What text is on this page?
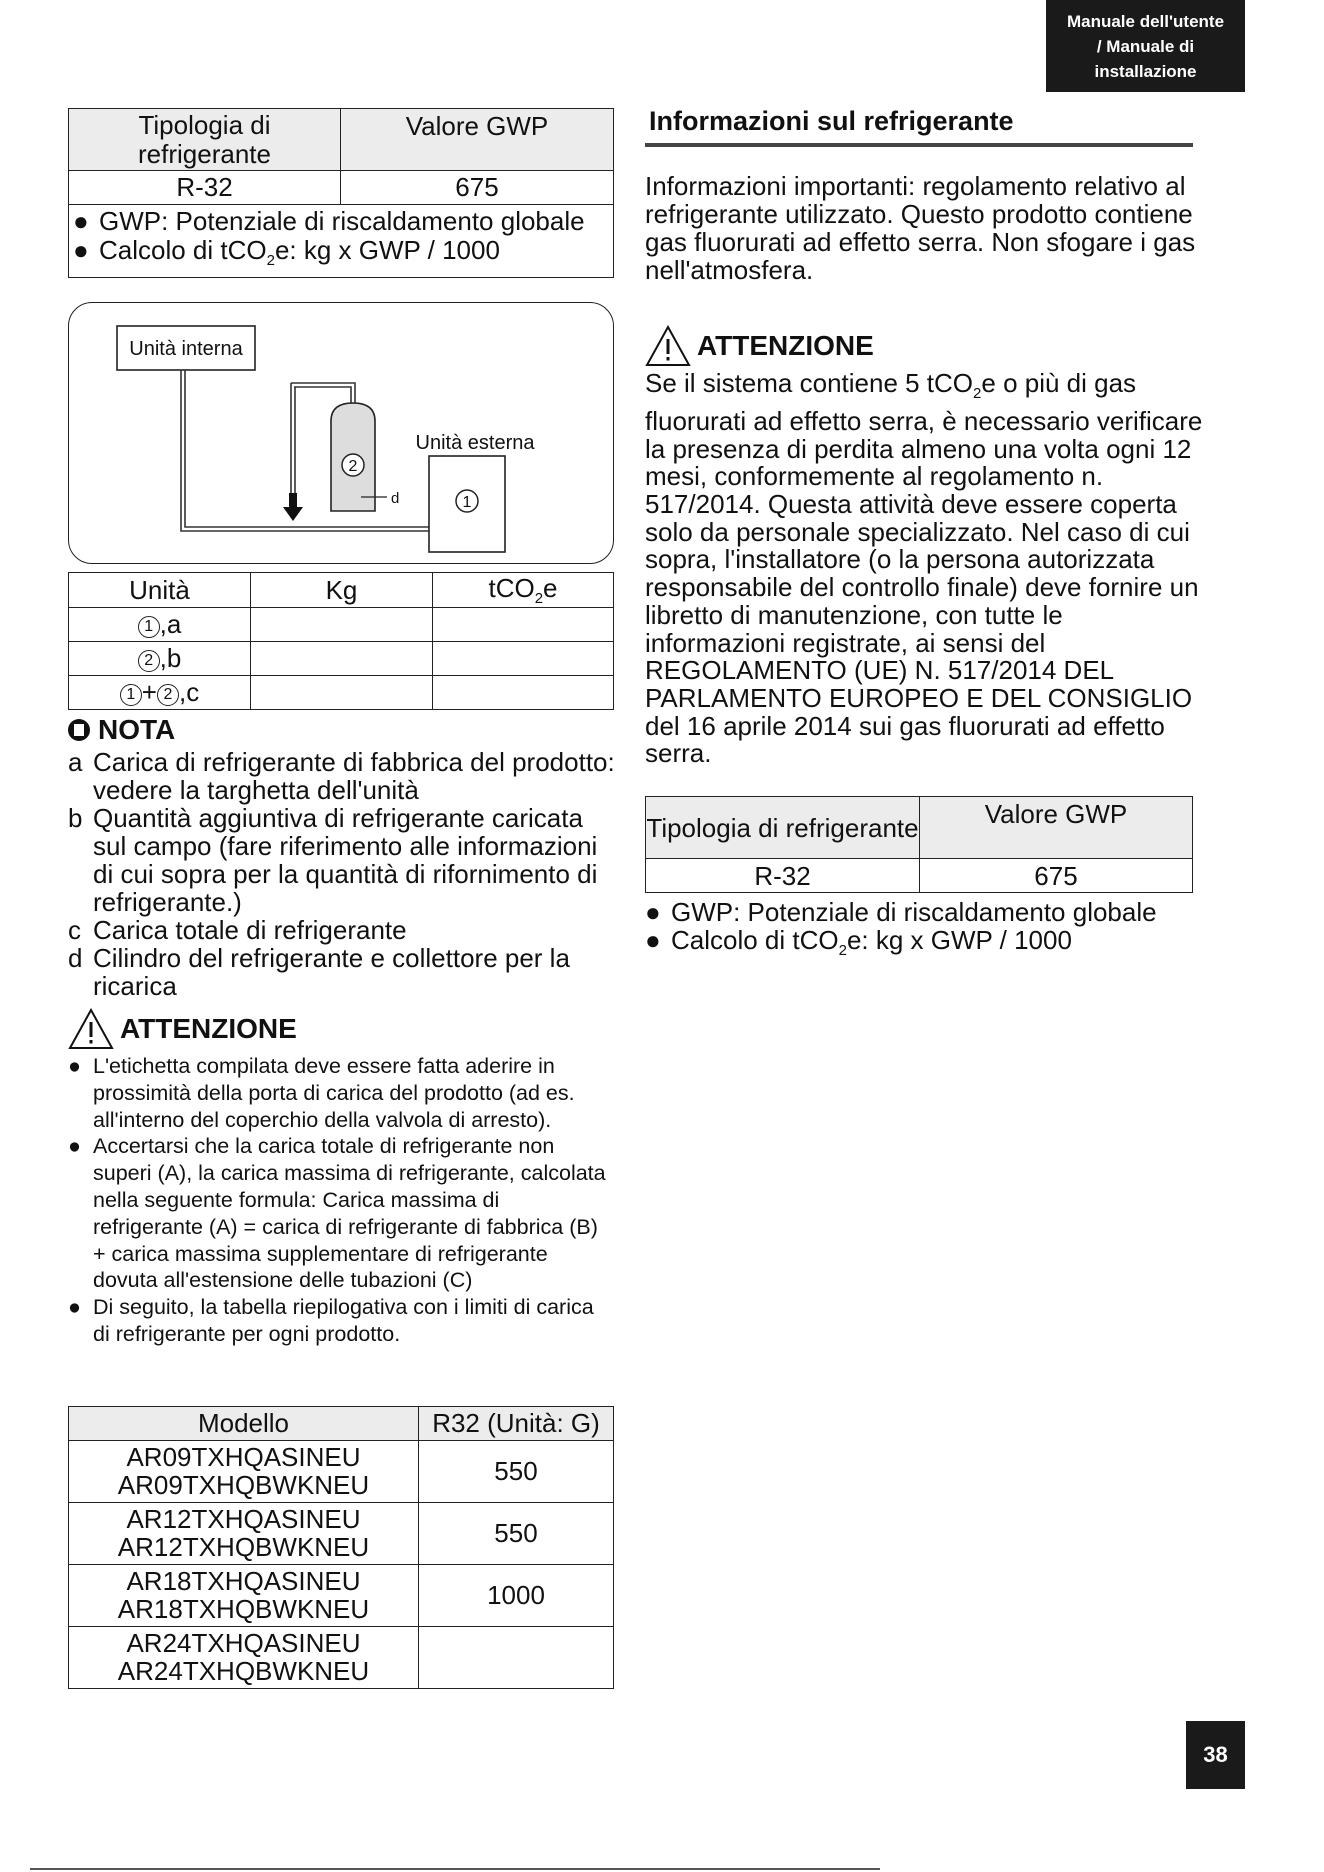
Manuale dell'utente
/ Manuale di
installazione
Tipologia di refrigerante	Valore GWP
R-32	675

● GWP: Potenziale di riscaldamento globale
● Calcolo di tCO$_2$e: kg x GWP / 1000	
Unità interna
2
d
Unità esterna
1
Unità	Kg	tCO$_2$e
1 ,a		
2 ,b		
1 + 2 ,c		
NOTA
a Carica di refrigerante di fabbrica del prodotto: vedere la targhetta dell'unità
b Quantità aggiuntiva di refrigerante caricata sul campo (fare riferimento alle informazioni di cui sopra per la quantità di rifornimento di refrigerante.)
c Carica totale di refrigerante
d Cilindro del refrigerante e collettore per la ricarica
ATTENZIONE
● L'etichetta compilata deve essere fatta aderire in prossimità della porta di carica del prodotto (ad es. all'interno del coperchio della valvola di arresto).
● Accertarsi che la carica totale di refrigerante non superi (A), la carica massima di refrigerante, calcolata nella seguente formula: Carica massima di refrigerante (A) = carica di refrigerante di fabbrica (B) + carica massima supplementare di refrigerante dovuta all'estensione delle tubazioni (C)
● Di seguito, la tabella riepilogativa con i limiti di carica di refrigerante per ogni prodotto.
Modello	R32 (Unità: G)

AR09TXHQASINEU
AR09TXHQBWKNEU	550

AR12TXHQASINEU
AR12TXHQBWKNEU	550

AR18TXHQASINEU
AR18TXHQBWKNEU	1000

AR24TXHQASINEU
AR24TXHQBWKNEU	

Informazioni sul refrigerante
Informazioni importanti: regolamento relativo al refrigerante utilizzato. Questo prodotto contiene gas fluorurati ad effetto serra. Non sfogare i gas nell'atmosfera.
ATTENZIONE
Se il sistema contiene 5 tCO$_2$e o più di gas fluorurati ad effetto serra, è necessario verificare la presenza di perdita almeno una volta ogni 12 mesi, conformemente al regolamento n. 517/2014. Questa attività deve essere coperta solo da personale specializzato. Nel caso di cui sopra, l'installatore (o la persona autorizzata responsabile del controllo finale) deve fornire un libretto di manutenzione, con tutte le informazioni registrate, ai sensi del REGOLAMENTO (UE) N. 517/2014 DEL PARLAMENTO EUROPEO E DEL CONSIGLIO del 16 aprile 2014 sui gas fluorurati ad effetto serra.
Tipologia di refrigerante	Valore GWP
R-32	675
● GWP: Potenziale di riscaldamento globale
● Calcolo di tCO$_2$e: kg x GWP / 1000
38
